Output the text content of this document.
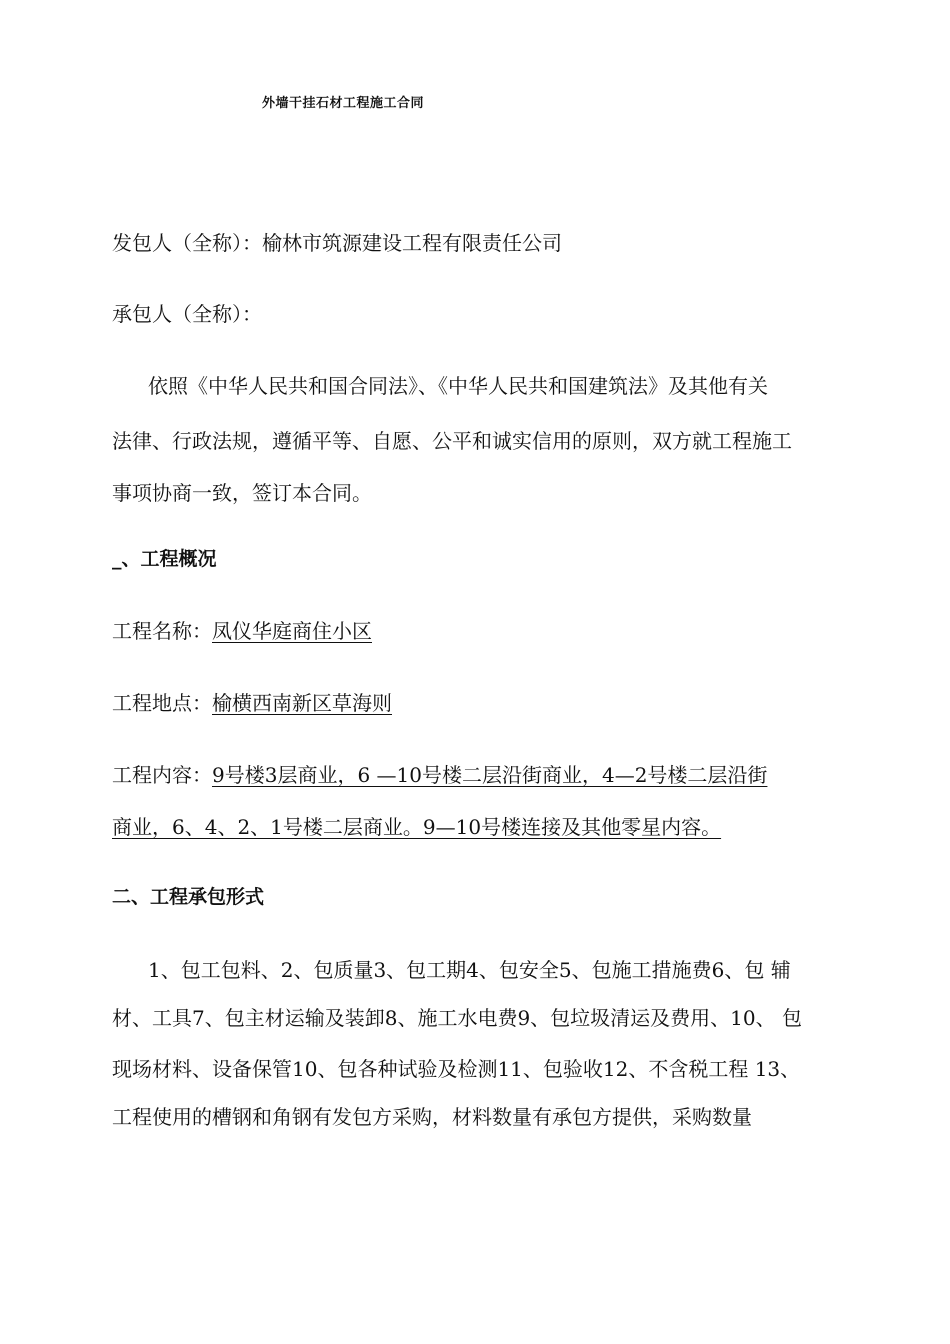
外墙干挂石材工程施工合同
发包人（全称）：榆林市筑源建设工程有限责任公司
承包人（全称）：
依照《中华人民共和国合同法》、《中华人民共和国建筑法》及其他有关
法律、行政法规，遵循平等、自愿、公平和诚实信用的原则，双方就工程施工
事项协商一致，签订本合同。
_、工程概况
工程名称：凤仪华庭商住小区
工程地点：榆横西南新区草海则
工程内容：9号楼3层商业，6 —10号楼二层沿街商业，4—2号楼二层沿街
商业，6、4、2、1号楼二层商业。9—10号楼连接及其他零星内容。
二、工程承包形式
1、包工包料、2、包质量3、包工期4、包安全5、包施工措施费6、包 辅
材、工具7、包主材运输及装卸8、施工水电费9、包垃圾清运及费用、10、 包
现场材料、设备保管10、包各种试验及检测11、包验收12、不含税工程 13、
工程使用的槽钢和角钢有发包方采购，材料数量有承包方提供，采购数量
